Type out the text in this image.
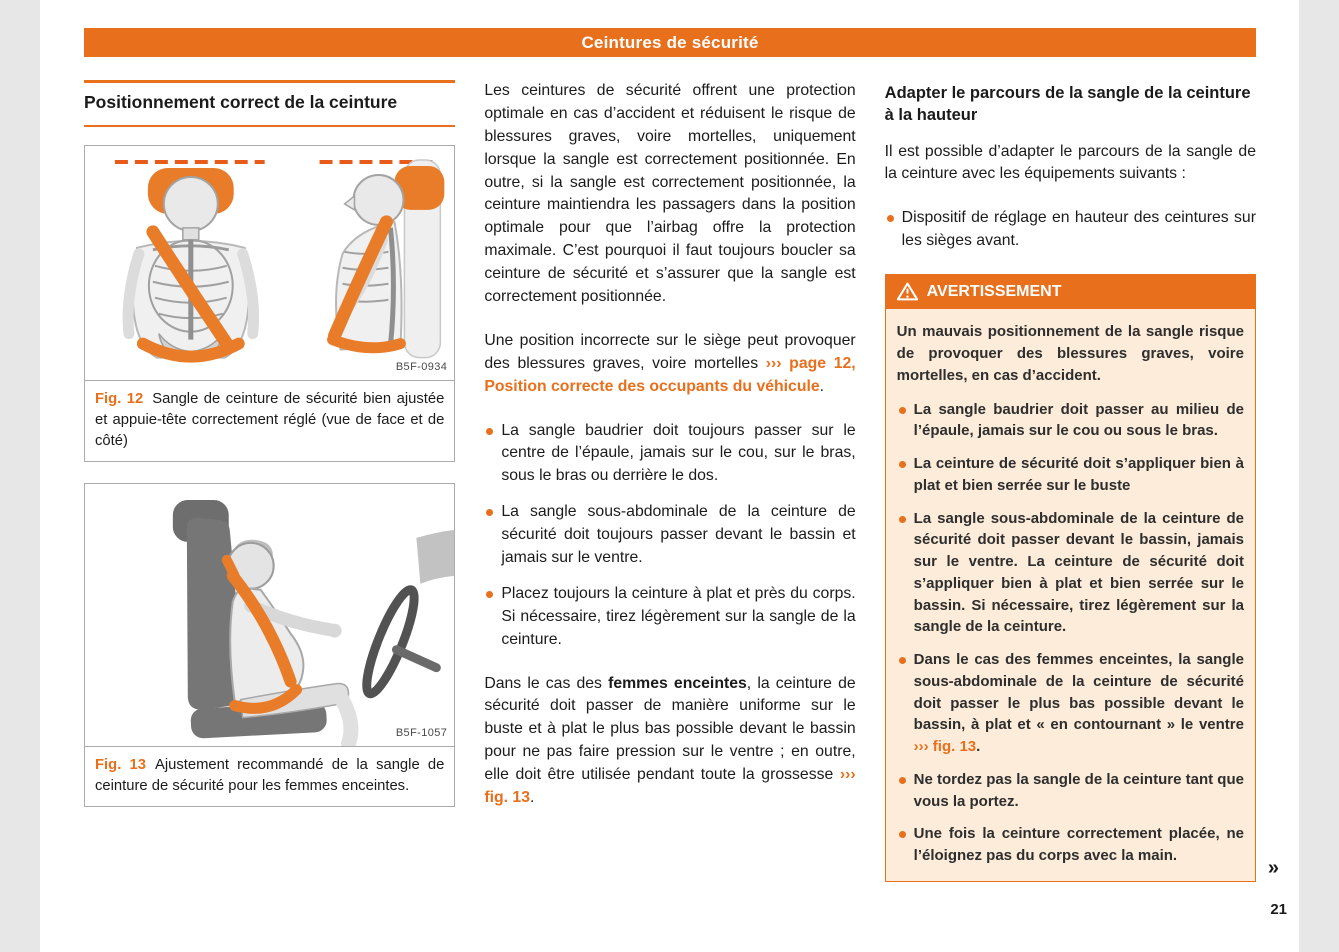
Ceintures de sécurité
Positionnement correct de la ceinture
B5F-0934
Fig. 12 Sangle de ceinture de sécurité bien ajustée et appuie-tête correctement réglé (vue de face et de côté)
B5F-1057
Fig. 13 Ajustement recommandé de la sangle de ceinture de sécurité pour les femmes enceintes.

Les ceintures de sécurité offrent une protection optimale en cas d’accident et réduisent le risque de blessures graves, voire mortelles, uniquement lorsque la sangle est correctement positionnée. En outre, si la sangle est correctement positionnée, la ceinture maintiendra les passagers dans la position optimale pour que l’airbag offre la protection maximale. C’est pourquoi il faut toujours boucler sa ceinture de sécurité et s’assurer que la sangle est correctement positionnée.

Une position incorrecte sur le siège peut provoquer des blessures graves, voire mortelles ››› page 12, Position correcte des occupants du véhicule.

La sangle baudrier doit toujours passer sur le centre de l’épaule, jamais sur le cou, sur le bras, sous le bras ou derrière le dos.
La sangle sous-abdominale de la ceinture de sécurité doit toujours passer devant le bassin et jamais sur le ventre.
Placez toujours la ceinture à plat et près du corps. Si nécessaire, tirez légèrement sur la sangle de la ceinture.

Dans le cas des femmes enceintes, la ceinture de sécurité doit passer de manière uniforme sur le buste et à plat le plus bas possible devant le bassin pour ne pas faire pression sur le ventre ; en outre, elle doit être utilisée pendant toute la grossesse ››› fig. 13.

Adapter le parcours de la sangle de la ceinture à la hauteur

Il est possible d’adapter le parcours de la sangle de la ceinture avec les équipements suivants :

Dispositif de réglage en hauteur des ceintures sur les sièges avant.
AVERTISSEMENT

Un mauvais positionnement de la sangle risque de provoquer des blessures graves, voire mortelles, en cas d’accident.

La sangle baudrier doit passer au milieu de l’épaule, jamais sur le cou ou sous le bras.
La ceinture de sécurité doit s’appliquer bien à plat et bien serrée sur le buste
La sangle sous-abdominale de la ceinture de sécurité doit passer devant le bassin, jamais sur le ventre. La ceinture de sécurité doit s’appliquer bien à plat et bien serrée sur le bassin. Si nécessaire, tirez légèrement sur la sangle de la ceinture.
Dans le cas des femmes enceintes, la sangle sous-abdominale de la ceinture de sécurité doit passer le plus bas possible devant le bassin, à plat et « en contournant » le ventre ››› fig. 13.
Ne tordez pas la sangle de la ceinture tant que vous la portez.
Une fois la ceinture correctement placée, ne l’éloignez pas du corps avec la main.
»
21
